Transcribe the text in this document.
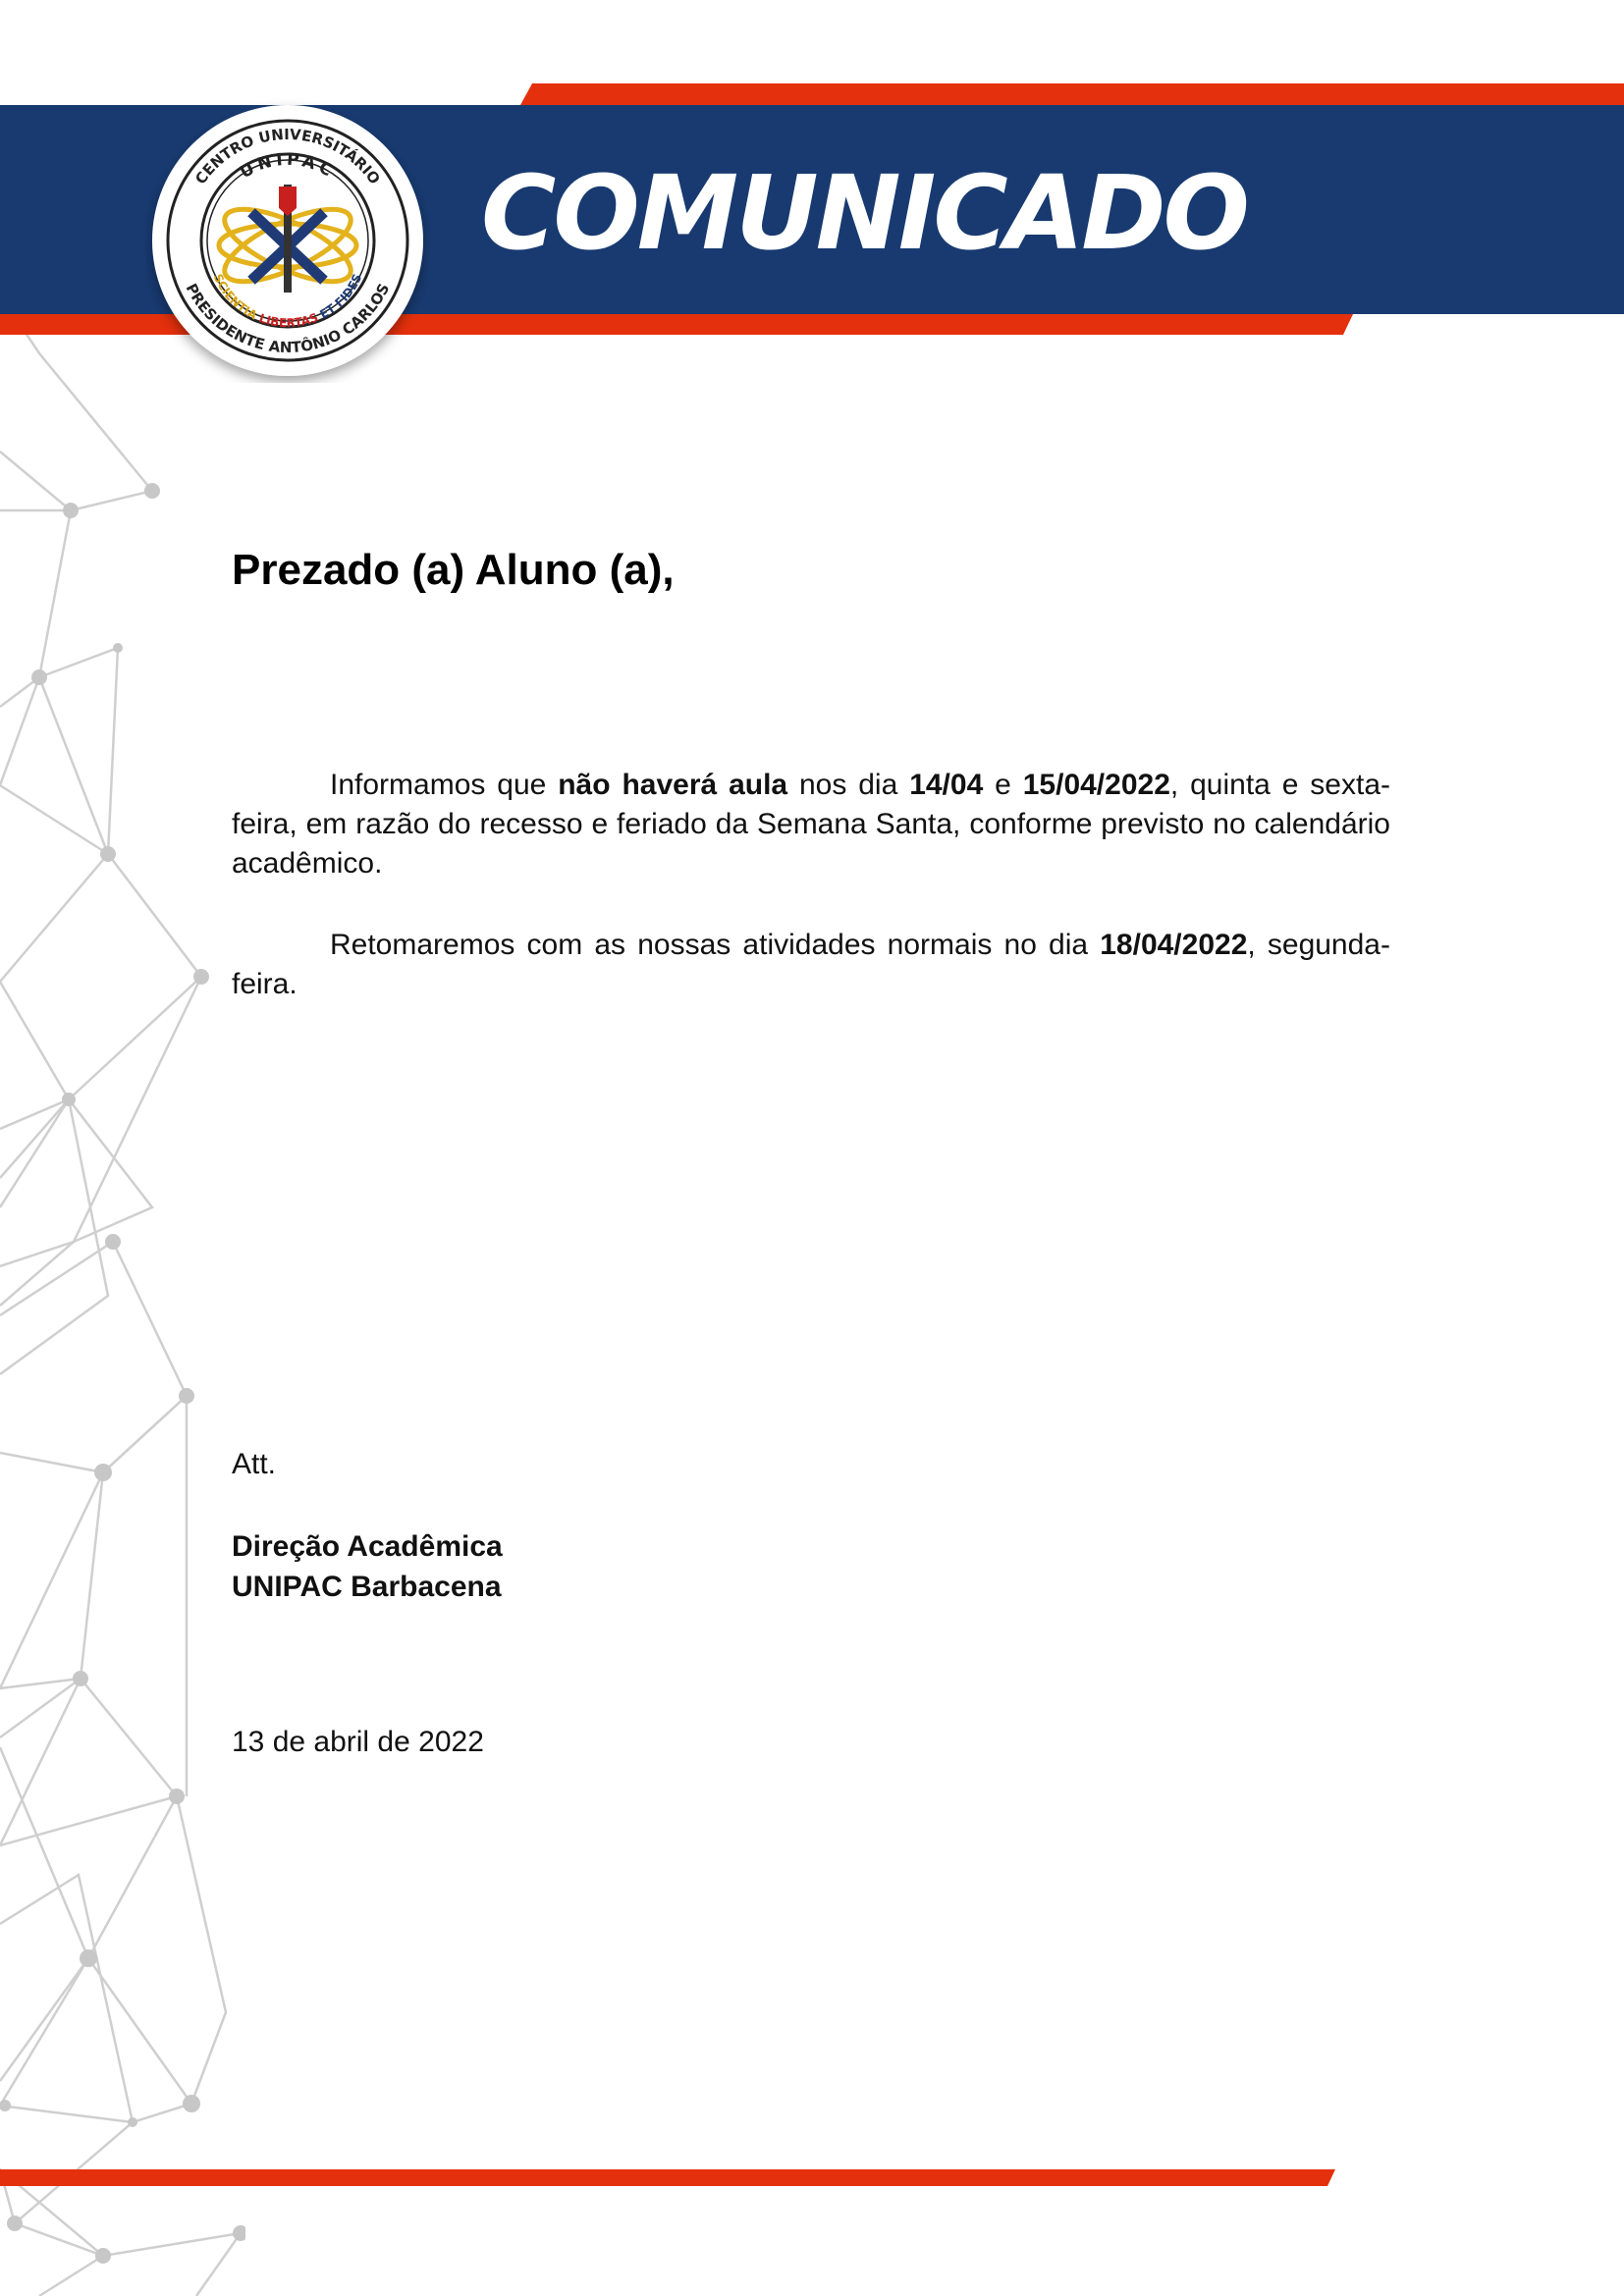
COMUNICADO
CENTRO UNIVERSITÁRIO
PRESIDENTE ANTÔNIO CARLOS
UNIPAC
SCIENTIA LIBERTAS ET FIDES
Prezado (a) Aluno (a),

Informamos que não haverá aula nos dia 14/04 e 15/04/2022, quinta e sexta-feira, em razão do recesso e feriado da Semana Santa, conforme previsto no calendário acadêmico.

Retomaremos com as nossas atividades normais no dia 18/04/2022, segunda-feira.

Att.
Direção Acadêmica
UNIPAC Barbacena
13 de abril de 2022
